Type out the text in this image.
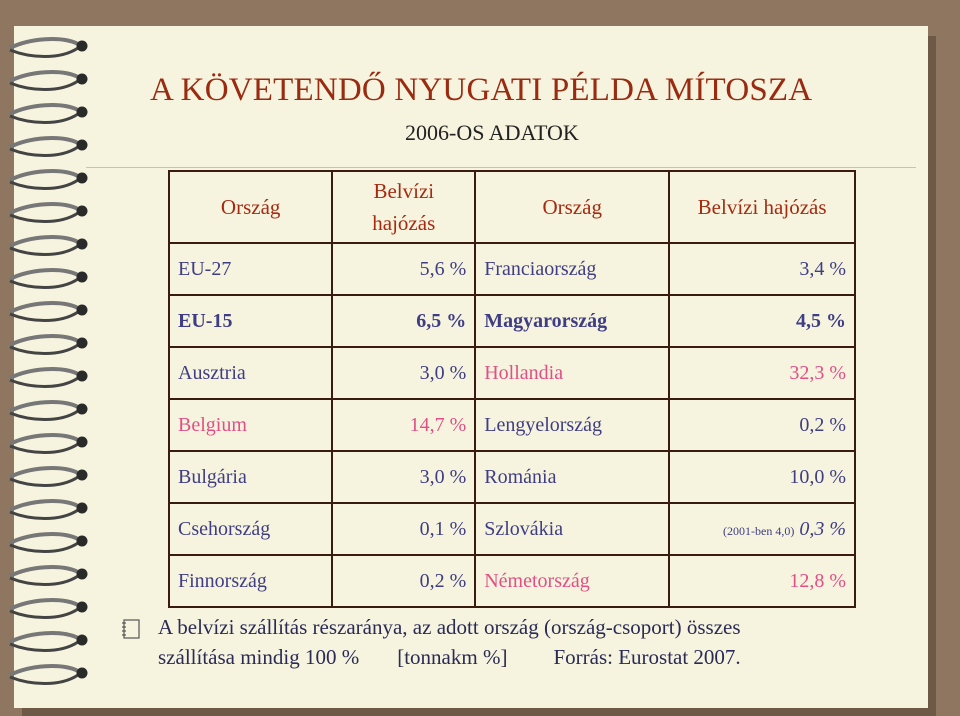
A KÖVETENDŐ NYUGATI PÉLDA MÍTOSZA
2006-OS ADATOK
Ország	Belvízi hajózás	Ország	Belvízi hajózás
EU-27	5,6 %	Franciaország	3,4 %
EU-15	6,5 %	Magyarország	4,5 %
Ausztria	3,0 %	Hollandia	32,3 %
Belgium	14,7 %	Lengyelország	0,2 %
Bulgária	3,0 %	Románia	10,0 %
Csehország	0,1 %	Szlovákia	(2001-ben 4,0) 0,3 %
Finnország	0,2 %	Németország	12,8 %
A belvízi szállítás részaránya, az adott ország (ország-csoport) összes
szállítása mindig 100 % [tonnakm %] Forrás: Eurostat 2007.
